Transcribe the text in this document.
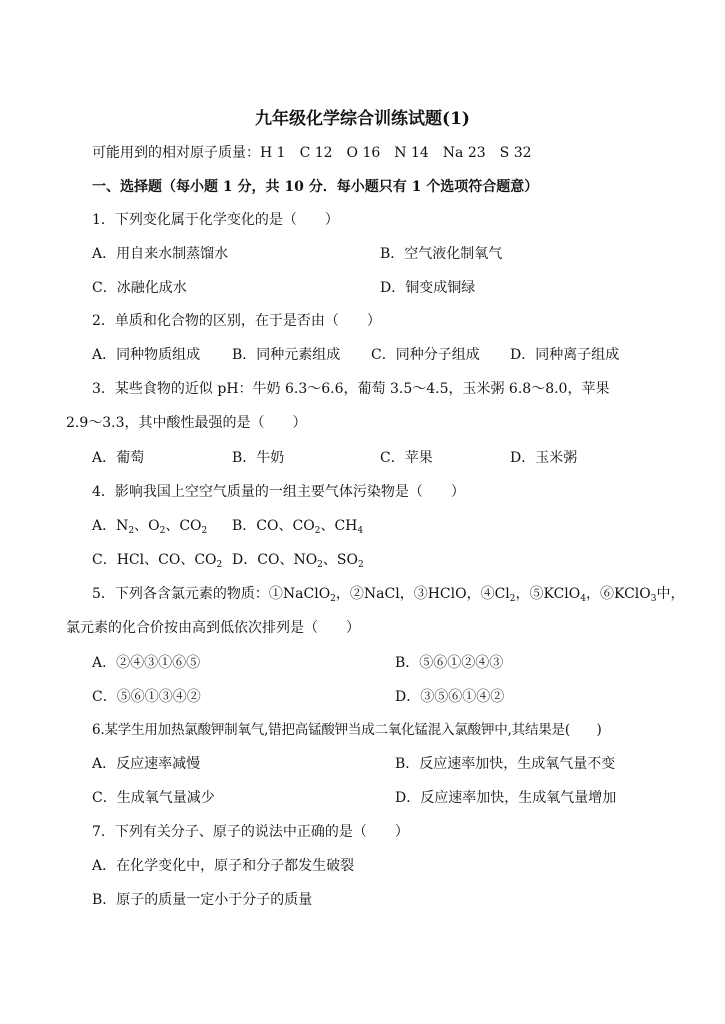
九年级化学综合训练试题(1)
可能用到的相对原子质量：H 1　C 12　O 16　N 14　Na 23　S 32
一、选择题（每小题 1 分，共 10 分．每小题只有 1 个选项符合题意）
1．下列变化属于化学变化的是（　　）
A．用自来水制蒸馏水	B．空气液化制氧气
C．冰融化成水	D．铜变成铜绿
2．单质和化合物的区别，在于是否由（　　）
A．同种物质组成 B．同种元素组成 C．同种分子组成 D．同种离子组成
3．某些食物的近似 pH：牛奶 6.3～6.6，葡萄 3.5～4.5，玉米粥 6.8～8.0，苹果
2.9～3.3，其中酸性最强的是（　　）
A．葡萄	B．牛奶	C．苹果	D．玉米粥
4．影响我国上空空气质量的一组主要气体污染物是（　　）
A．$N_2$、$O_2$、$CO_2$ B．CO、$CO_2$、$CH_4$
C．HCl、CO、$CO_2$ D．CO、$NO_2$、$SO_2$
5．下列各含氯元素的物质：①NaClO$_2$，②NaCl，③HClO，$④Cl_2$，⑤KClO$_4$，⑥KClO$_3$中，
氯元素的化合价按由高到低依次排列是（　　）
A．②④③①⑥⑤	B．⑤⑥①②④③
C．⑤⑥①③④②	D．③⑤⑥①④②
6.某学生用加热氯酸钾制氧气,错把高锰酸钾当成二氧化锰混入氯酸钾中,其结果是(　　)
A．反应速率减慢	B．反应速率加快，生成氧气量不变
C．生成氧气量减少	D．反应速率加快，生成氧气量增加
7．下列有关分子、原子的说法中正确的是（　　）
A．在化学变化中，原子和分子都发生破裂
B．原子的质量一定小于分子的质量
